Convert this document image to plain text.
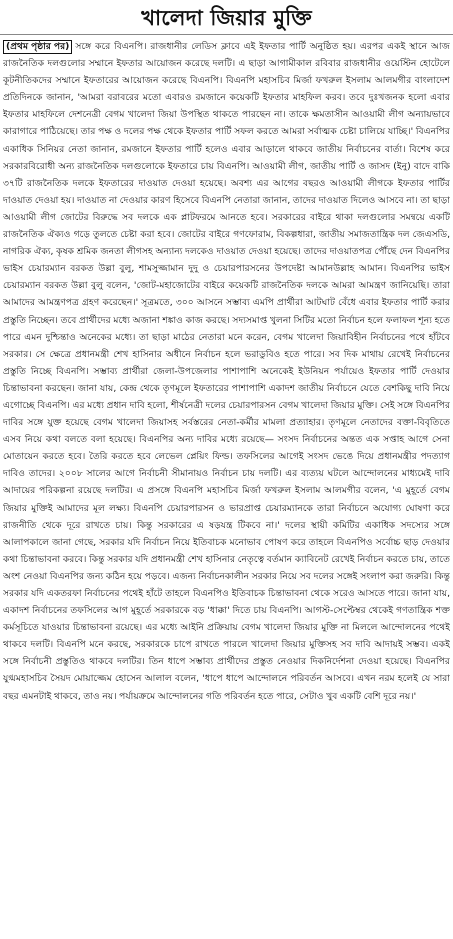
খালেদা জিয়ার মুক্তি

(প্রথম পৃষ্ঠার পর) সঙ্গে করে বিএনপি। রাজধানীর লেডিস ক্লাবে এই ইফতার পার্টি অনুষ্ঠিত হয়। এরপর একই স্থানে আজ রাজনৈতিক দলগুলোর সম্মানে ইফতার আয়োজন করেছে দলটি। এ ছাড়া আগামীকাল রবিবার রাজধানীর ওয়েস্টিন হোটেলে কূটনীতিকদের সম্মানে ইফতারের আয়োজন করেছে বিএনপি। বিএনপি মহাসচিব মির্জা ফখরুল ইসলাম আলমগীর বাংলাদেশ প্রতিদিনকে জানান, 'আমরা বরাবরের মতো এবারও রমজানে কয়েকটি ইফতার মাহফিল করব। তবে দুঃখজনক হলো এবার ইফতার মাহফিলে দেশনেত্রী বেগম খালেদা জিয়া উপস্থিত থাকতে পারছেন না। তাকে ক্ষমতাসীন আওয়ামী লীগ অন্যায়ভাবে কারাগারে পাঠিয়েছে। তার পক্ষ ও দলের পক্ষ থেকে ইফতার পার্টি সফল করতে আমরা সর্বাত্মক চেষ্টা চালিয়ে যাচ্ছি।' বিএনপির একাধিক সিনিয়র নেতা জানান, রমজানে ইফতার পার্টি হলেও এবার আড়ালে থাকবে জাতীয় নির্বাচনের বার্তা। বিশেষ করে সরকারবিরোধী অন্য রাজনৈতিক দলগুলোকে ইফতারে চায় বিএনপি। আওয়ামী লীগ, জাতীয় পার্টি ও জাসদ (ইনু) বাদে বাকি ৩৭টি রাজনৈতিক দলকে ইফতারের দাওয়াত দেওয়া হয়েছে। অবশ্য এর আগের বছরও আওয়ামী লীগকে ইফতার পার্টির দাওয়াত দেওয়া হয়। দাওয়াত না দেওয়ার কারণ হিসেবে বিএনপি নেতারা জানান, তাদের দাওয়াত দিলেও আসবে না। তা ছাড়া আওয়ামী লীগ জোটের বিরুদ্ধে সব দলকে এক প্লাটফরমে আনতে হবে। সরকারের বাইরে থাকা দলগুলোর সমন্বয়ে একটি রাজনৈতিক ঐক্যও গড়ে তুলতে চেষ্টা করা হবে। জোটের বাইরে গণফোরাম, বিকল্পধারা, জাতীয় সমাজতান্ত্রিক দল জেএসডি, নাগরিক ঐক্য, কৃষক শ্রমিক জনতা লীগসহ অন্যান্য দলকেও দাওয়াত দেওয়া হয়েছে। তাদের দাওয়াতপত্র পৌঁছে দেন বিএনপির ভাইস চেয়ারম্যান বরকত উল্লা বুলু, শামসুজ্জামান দুদু ও চেয়ারপারসনের উপদেষ্টা আমানউল্লাহ আমান। বিএনপির ভাইস চেয়ারম্যান বরকত উল্লা বুলু বলেন, 'জোট-মহাজোটের বাইরে কয়েকটি রাজনৈতিক দলকে আমরা আমন্ত্রণ জানিয়েছি। তারা আমাদের আমন্ত্রণপত্র গ্রহণ করেছেন।' সূত্রমতে, ৩০০ আসনে সম্ভাব্য এমপি প্রার্থীরা আটঘাট বেঁধে এবার ইফতার পার্টি করার প্রস্তুতি নিচ্ছেন। তবে প্রার্থীদের মধ্যে অজানা শঙ্কাও কাজ করছে। সদ্যসমাপ্ত খুলনা সিটির মতো নির্বাচন হলে ফলাফল শূন্য হতে পারে এমন দুশ্চিন্তাও অনেকের মধ্যে। তা ছাড়া মাঠের নেতারা মনে করেন, বেগম খালেদা জিয়াবিহীন নির্বাচনের পথে হাঁটবে সরকার। সে ক্ষেত্রে প্রধানমন্ত্রী শেখ হাসিনার অধীনে নির্বাচন হলে ভরাডুবিও হতে পারে। সব দিক মাথায় রেখেই নির্বাচনের প্রস্তুতি নিচ্ছে বিএনপি। সম্ভাব্য প্রার্থীরা জেলা-উপজেলার পাশাপাশি অনেকেই ইউনিয়ন পর্যায়েও ইফতার পার্টি দেওয়ার চিন্তাভাবনা করছেন। জানা যায়, কেন্দ্র থেকে তৃণমূলে ইফতারের পাশাপাশি একাদশ জাতীয় নির্বাচনে যেতে বেশকিছু দাবি নিয়ে এগোচ্ছে বিএনপি। এর মধ্যে প্রধান দাবি হলো, শীর্ষনেত্রী দলের চেয়ারপারসন বেগম খালেদা জিয়ার মুক্তি। সেই সঙ্গে বিএনপির দাবির সঙ্গে যুক্ত হয়েছে বেগম খালেদা জিয়াসহ সর্বস্তরের নেতা-কর্মীর মামলা প্রত্যাহার। তৃণমূলে নেতাদের বক্তা-বিবৃতিতে এসব নিয়ে কথা বলতে বলা হয়েছে। বিএনপির অন্য দাবির মধ্যে রয়েছে— সংসদ নির্বাচনের অন্তত এক সপ্তাহ আগে সেনা মোতায়েন করতে হবে। তৈরি করতে হবে লেভেল প্লেয়িং ফিল্ড। তফসিলের আগেই সংসদ ভেঙে দিয়ে প্রধানমন্ত্রীর পদত্যাগ দাবিও তাদের। ২০০৮ সালের আগে নির্বাচনী সীমানায়ও নির্বাচন চায় দলটি। এর ব্যত্যয় ঘটলে আন্দোলনের মাধ্যমেই দাবি আদায়ের পরিকল্পনা রয়েছে দলটির। এ প্রসঙ্গে বিএনপি মহাসচিব মির্জা ফখরুল ইসলাম আলমগীর বলেন, 'এ মুহূর্তে বেগম জিয়ার মুক্তিই আমাদের মূল লক্ষ্য। বিএনপি চেয়ারপারসন ও ভারপ্রাপ্ত চেয়ারম্যানকে তারা নির্বাচনে অযোগ্য ঘোষণা করে রাজনীতি থেকে দূরে রাখতে চায়। কিন্তু সরকারের এ ষড়যন্ত্র টিকবে না।' দলের স্থায়ী কমিটির একাধিক সদস্যের সঙ্গে আলাপকালে জানা গেছে, সরকার যদি নির্বাচন নিয়ে ইতিবাচক মনোভাব পোষণ করে তাহলে বিএনপিও সর্বোচ্চ ছাড় দেওয়ার কথা চিন্তাভাবনা করবে। কিন্তু সরকার যদি প্রধানমন্ত্রী শেখ হাসিনার নেতৃত্বে বর্তমান ক্যাবিনেট রেখেই নির্বাচন করতে চায়, তাতে অংশ নেওয়া বিএনপির জন্য কঠিন হয়ে পড়বে। এজন্য নির্বাচনকালীন সরকার নিয়ে সব দলের সঙ্গেই সংলাপ করা জরুরি। কিন্তু সরকার যদি একতরফা নির্বাচনের পথেই হাঁটে তাহলে বিএনপিও ইতিবাচক চিন্তাভাবনা থেকে সরেও আসতে পারে। জানা যায়, একাদশ নির্বাচনের তফসিলের আগ মুহূর্তে সরকারকে বড় 'ধাক্কা' দিতে চায় বিএনপি। আগস্ট-সেপ্টেম্বর থেকেই গণতান্ত্রিক শক্ত কর্মসূচিতে যাওয়ার চিন্তাভাবনা রয়েছে। এর মধ্যে আইনি প্রক্রিয়ায় বেগম খালেদা জিয়ার মুক্তি না মিললে আন্দোলনের পথেই থাকবে দলটি। বিএনপি মনে করছে, সরকারকে চাপে রাখতে পারলে খালেদা জিয়ার মুক্তিসহ সব দাবি আদায়ই সম্ভব। একই সঙ্গে নির্বাচনী প্রস্তুতিও থাকবে দলটির। তিন ধাপে সম্ভাব্য প্রার্থীদের প্রস্তুত নেওয়ার দিকনির্দেশনা দেওয়া হয়েছে। বিএনপির যুগ্মমহাসচিব সৈয়দ মোয়াজ্জেম হোসেন আলাল বলেন, 'ধাপে ধাপে আন্দোলনে পরিবর্তন আসবে। এখন নরম হলেই যে সারা বছর এমনটাই থাকবে, তাও নয়। পর্যায়ক্রমে আন্দোলনের গতি পরিবর্তন হতে পারে, সেটাও খুব একটি বেশি দূরে নয়।'
